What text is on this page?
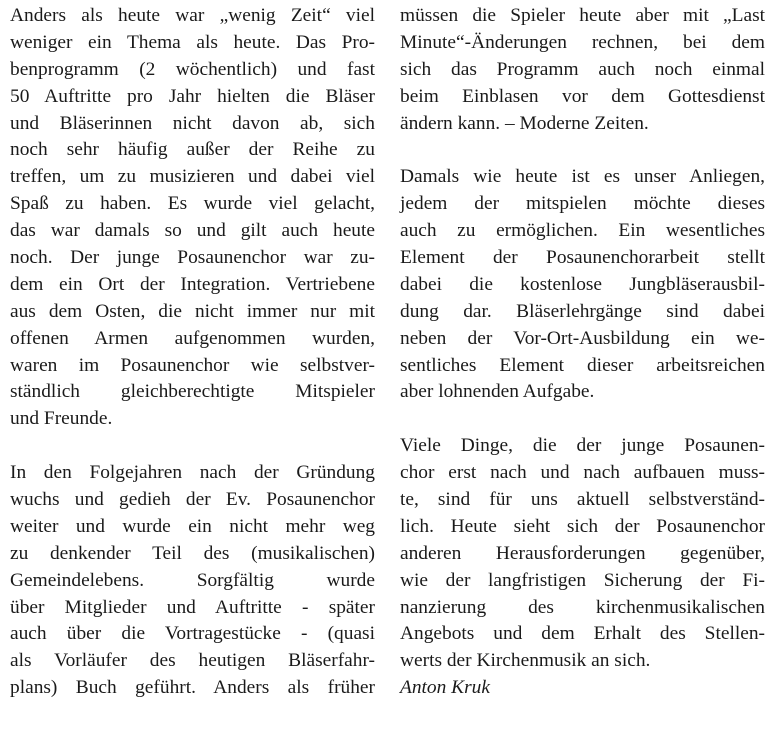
Anders als heute war „wenig Zeit“ viel
weniger ein Thema als heute. Das Pro-
benprogramm (2 wöchentlich) und fast
50 Auftritte pro Jahr hielten die Bläser
und Bläserinnen nicht davon ab, sich
noch sehr häufig außer der Reihe zu
treffen, um zu musizieren und dabei viel
Spaß zu haben. Es wurde viel gelacht,
das war damals so und gilt auch heute
noch. Der junge Posaunenchor war zu-
dem ein Ort der Integration. Vertriebene
aus dem Osten, die nicht immer nur mit
offenen Armen aufgenommen wurden,
waren im Posaunenchor wie selbstver-
ständlich gleichberechtigte Mitspieler
und Freunde.
In den Folgejahren nach der Gründung
wuchs und gedieh der Ev. Posaunenchor
weiter und wurde ein nicht mehr weg
zu denkender Teil des (musikalischen)
Gemeindelebens. Sorgfältig wurde
über Mitglieder und Auftritte - später
auch über die Vortragestücke - (quasi
als Vorläufer des heutigen Bläserfahr-
plans) Buch geführt. Anders als früher
müssen die Spieler heute aber mit „Last
Minute“-Änderungen rechnen, bei dem
sich das Programm auch noch einmal
beim Einblasen vor dem Gottesdienst
ändern kann. – Moderne Zeiten.
Damals wie heute ist es unser Anliegen,
jedem der mitspielen möchte dieses
auch zu ermöglichen. Ein wesentliches
Element der Posaunenchorarbeit stellt
dabei die kostenlose Jungbläserausbil-
dung dar. Bläserlehrgänge sind dabei
neben der Vor-Ort-Ausbildung ein we-
sentliches Element dieser arbeitsreichen
aber lohnenden Aufgabe.
Viele Dinge, die der junge Posaunen-
chor erst nach und nach aufbauen muss-
te, sind für uns aktuell selbstverständ-
lich. Heute sieht sich der Posaunenchor
anderen Herausforderungen gegenüber,
wie der langfristigen Sicherung der Fi-
nanzierung des kirchenmusikalischen
Angebots und dem Erhalt des Stellen-
werts der Kirchenmusik an sich.
Anton Kruk
